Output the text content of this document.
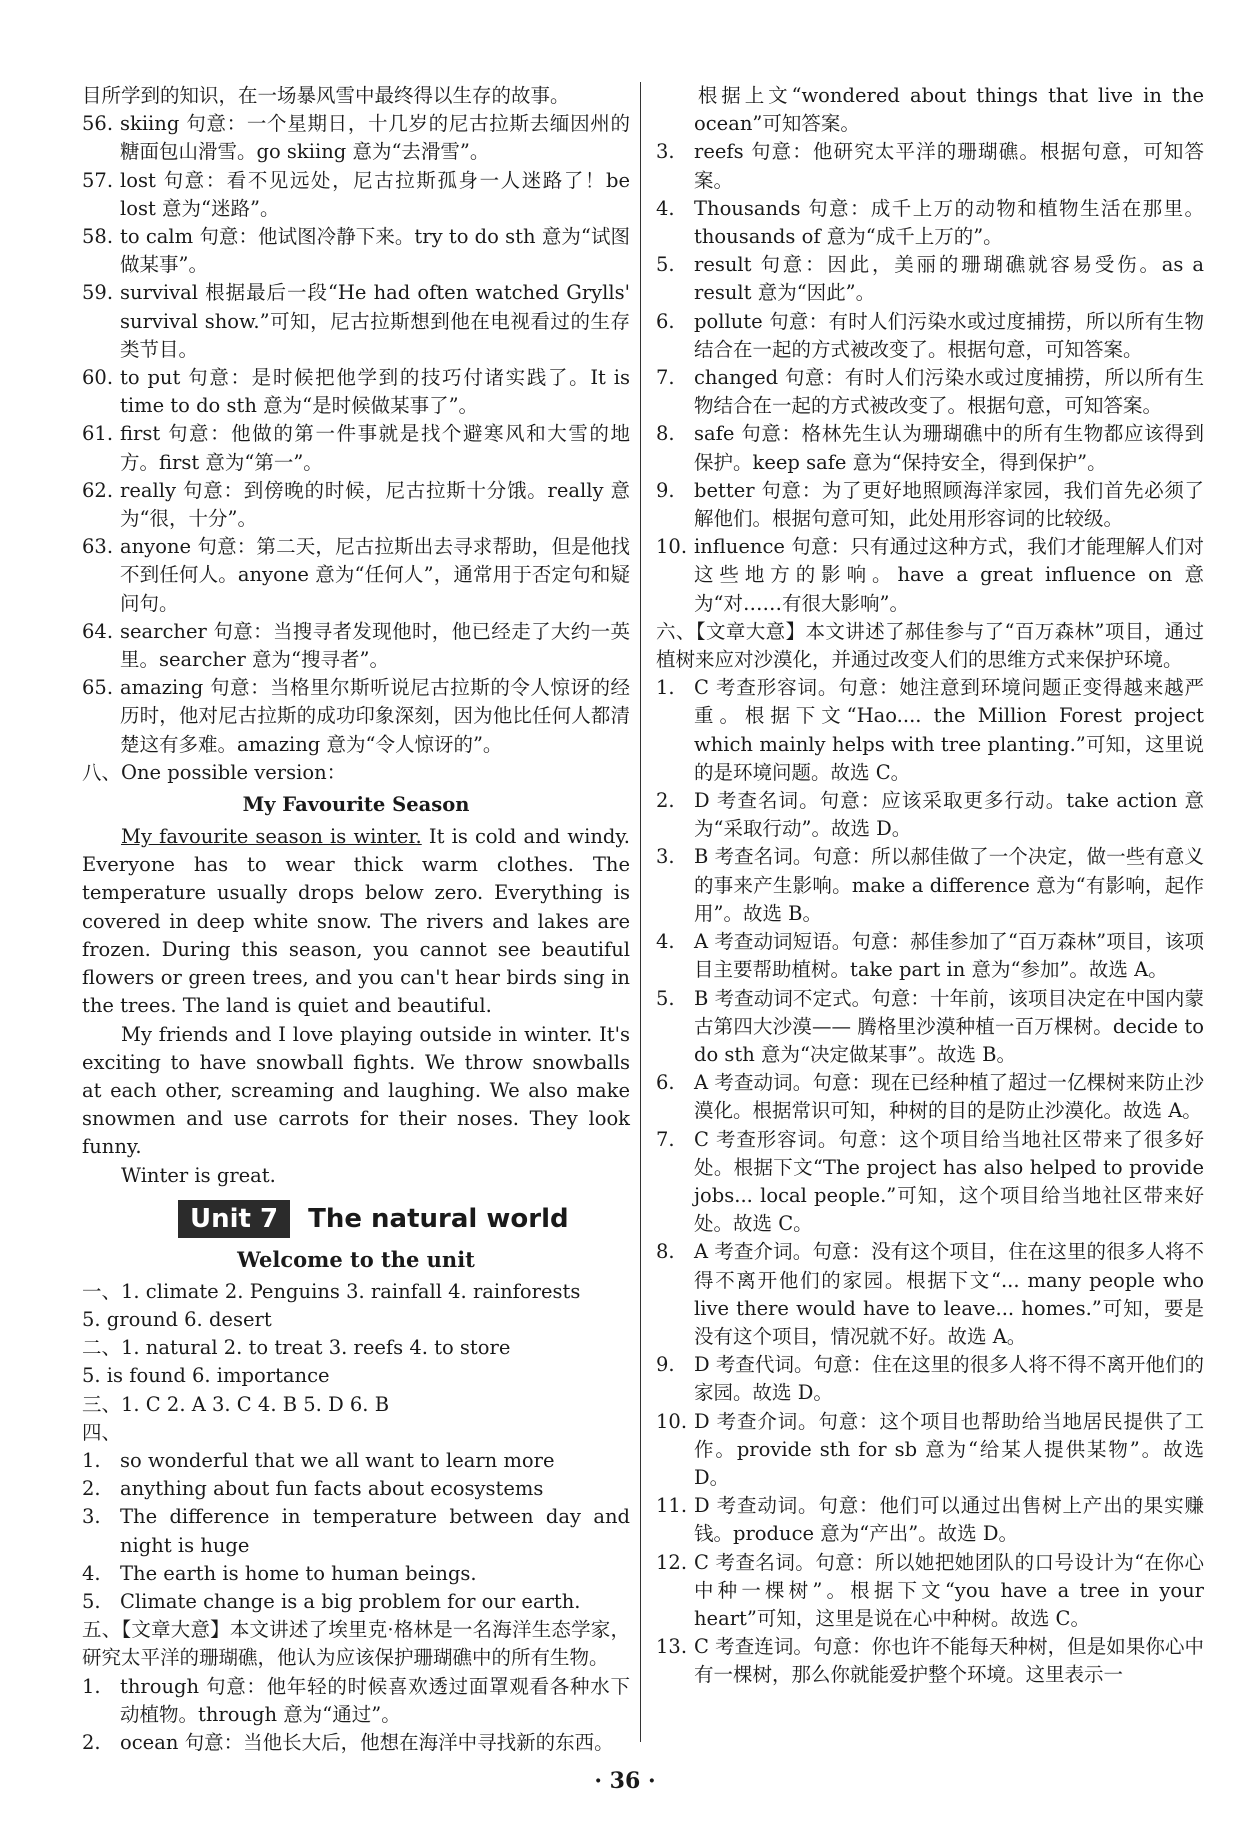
目所学到的知识，在一场暴风雪中最终得以生存的故事。
56. skiing 句意：一个星期日，十几岁的尼古拉斯去缅因州的糖面包山滑雪。go skiing 意为“去滑雪”。
57. lost 句意：看不见远处，尼古拉斯孤身一人迷路了！be lost 意为“迷路”。
58. to calm 句意：他试图冷静下来。try to do sth 意为“试图做某事”。
59. survival 根据最后一段“He had often watched Grylls' survival show.”可知，尼古拉斯想到他在电视看过的生存类节目。
60. to put 句意：是时候把他学到的技巧付诸实践了。It is time to do sth 意为“是时候做某事了”。
61. first 句意：他做的第一件事就是找个避寒风和大雪的地方。first 意为“第一”。
62. really 句意：到傍晚的时候，尼古拉斯十分饿。really 意为“很，十分”。
63. anyone 句意：第二天，尼古拉斯出去寻求帮助，但是他找不到任何人。anyone 意为“任何人”，通常用于否定句和疑问句。
64. searcher 句意：当搜寻者发现他时，他已经走了大约一英里。searcher 意为“搜寻者”。
65. amazing 句意：当格里尔斯听说尼古拉斯的令人惊讶的经历时，他对尼古拉斯的成功印象深刻，因为他比任何人都清楚这有多难。amazing 意为“令人惊讶的”。
八、One possible version：
My Favourite Season
My favourite season is winter. It is cold and windy. Everyone has to wear thick warm clothes. The temperature usually drops below zero. Everything is covered in deep white snow. The rivers and lakes are frozen. During this season, you cannot see beautiful flowers or green trees, and you can't hear birds sing in the trees. The land is quiet and beautiful.
My friends and I love playing outside in winter. It's exciting to have snowball fights. We throw snowballs at each other, screaming and laughing. We also make snowmen and use carrots for their noses. They look funny.
Winter is great.
Unit 7	The natural world
Welcome to the unit
一、1. climate 2. Penguins 3. rainfall 4. rainforests
5. ground 6. desert
二、1. natural 2. to treat 3. reefs 4. to store
5. is found 6. importance
三、1. C 2. A 3. C 4. B 5. D 6. B
四、1. so wonderful that we all want to learn more
2. anything about fun facts about ecosystems
3. The difference in temperature between day and night is huge
4. The earth is home to human beings.
5. Climate change is a big problem for our earth.
五、【文章大意】本文讲述了埃里克·格林是一名海洋生态学家，研究太平洋的珊瑚礁，他认为应该保护珊瑚礁中的所有生物。
1. through 句意：他年轻的时候喜欢透过面罩观看各种水下动植物。through 意为“通过”。
2. ocean 句意：当他长大后，他想在海洋中寻找新的东西。
根据上文“wondered about things that live in the ocean”可知答案。
3. reefs 句意：他研究太平洋的珊瑚礁。根据句意，可知答案。
4. Thousands 句意：成千上万的动物和植物生活在那里。thousands of 意为“成千上万的”。
5. result 句意：因此，美丽的珊瑚礁就容易受伤。as a result 意为“因此”。
6. pollute 句意：有时人们污染水或过度捕捞，所以所有生物结合在一起的方式被改变了。根据句意，可知答案。
7. changed 句意：有时人们污染水或过度捕捞，所以所有生物结合在一起的方式被改变了。根据句意，可知答案。
8. safe 句意：格林先生认为珊瑚礁中的所有生物都应该得到保护。keep safe 意为“保持安全，得到保护”。
9. better 句意：为了更好地照顾海洋家园，我们首先必须了解他们。根据句意可知，此处用形容词的比较级。
10. influence 句意：只有通过这种方式，我们才能理解人们对这些地方的影响。have a great influence on 意为“对……有很大影响”。
六、【文章大意】本文讲述了郝佳参与了“百万森林”项目，通过植树来应对沙漠化，并通过改变人们的思维方式来保护环境。
1. C 考查形容词。句意：她注意到环境问题正变得越来越严重。根据下文“Hao.... the Million Forest project which mainly helps with tree planting.”可知，这里说的是环境问题。故选 C。
2. D 考查名词。句意：应该采取更多行动。take action 意为“采取行动”。故选 D。
3. B 考查名词。句意：所以郝佳做了一个决定，做一些有意义的事来产生影响。make a difference 意为“有影响，起作用”。故选 B。
4. A 考查动词短语。句意：郝佳参加了“百万森林”项目，该项目主要帮助植树。take part in 意为“参加”。故选 A。
5. B 考查动词不定式。句意：十年前，该项目决定在中国内蒙古第四大沙漠—— 腾格里沙漠种植一百万棵树。decide to do sth 意为“决定做某事”。故选 B。
6. A 考查动词。句意：现在已经种植了超过一亿棵树来防止沙漠化。根据常识可知，种树的目的是防止沙漠化。故选 A。
7. C 考查形容词。句意：这个项目给当地社区带来了很多好处。根据下文“The project has also helped to provide jobs... local people.”可知，这个项目给当地社区带来好处。故选 C。
8. A 考查介词。句意：没有这个项目，住在这里的很多人将不得不离开他们的家园。根据下文“... many people who live there would have to leave... homes.”可知，要是没有这个项目，情况就不好。故选 A。
9. D 考查代词。句意：住在这里的很多人将不得不离开他们的家园。故选 D。
10. D 考查介词。句意：这个项目也帮助给当地居民提供了工作。provide sth for sb 意为“给某人提供某物”。故选 D。
11. D 考查动词。句意：他们可以通过出售树上产出的果实赚钱。produce 意为“产出”。故选 D。
12. C 考查名词。句意：所以她把她团队的口号设计为“在你心中种一棵树”。根据下文“you have a tree in your heart”可知，这里是说在心中种树。故选 C。
13. C 考查连词。句意：你也许不能每天种树，但是如果你心中有一棵树，那么你就能爱护整个环境。这里表示一
· 36 ·
